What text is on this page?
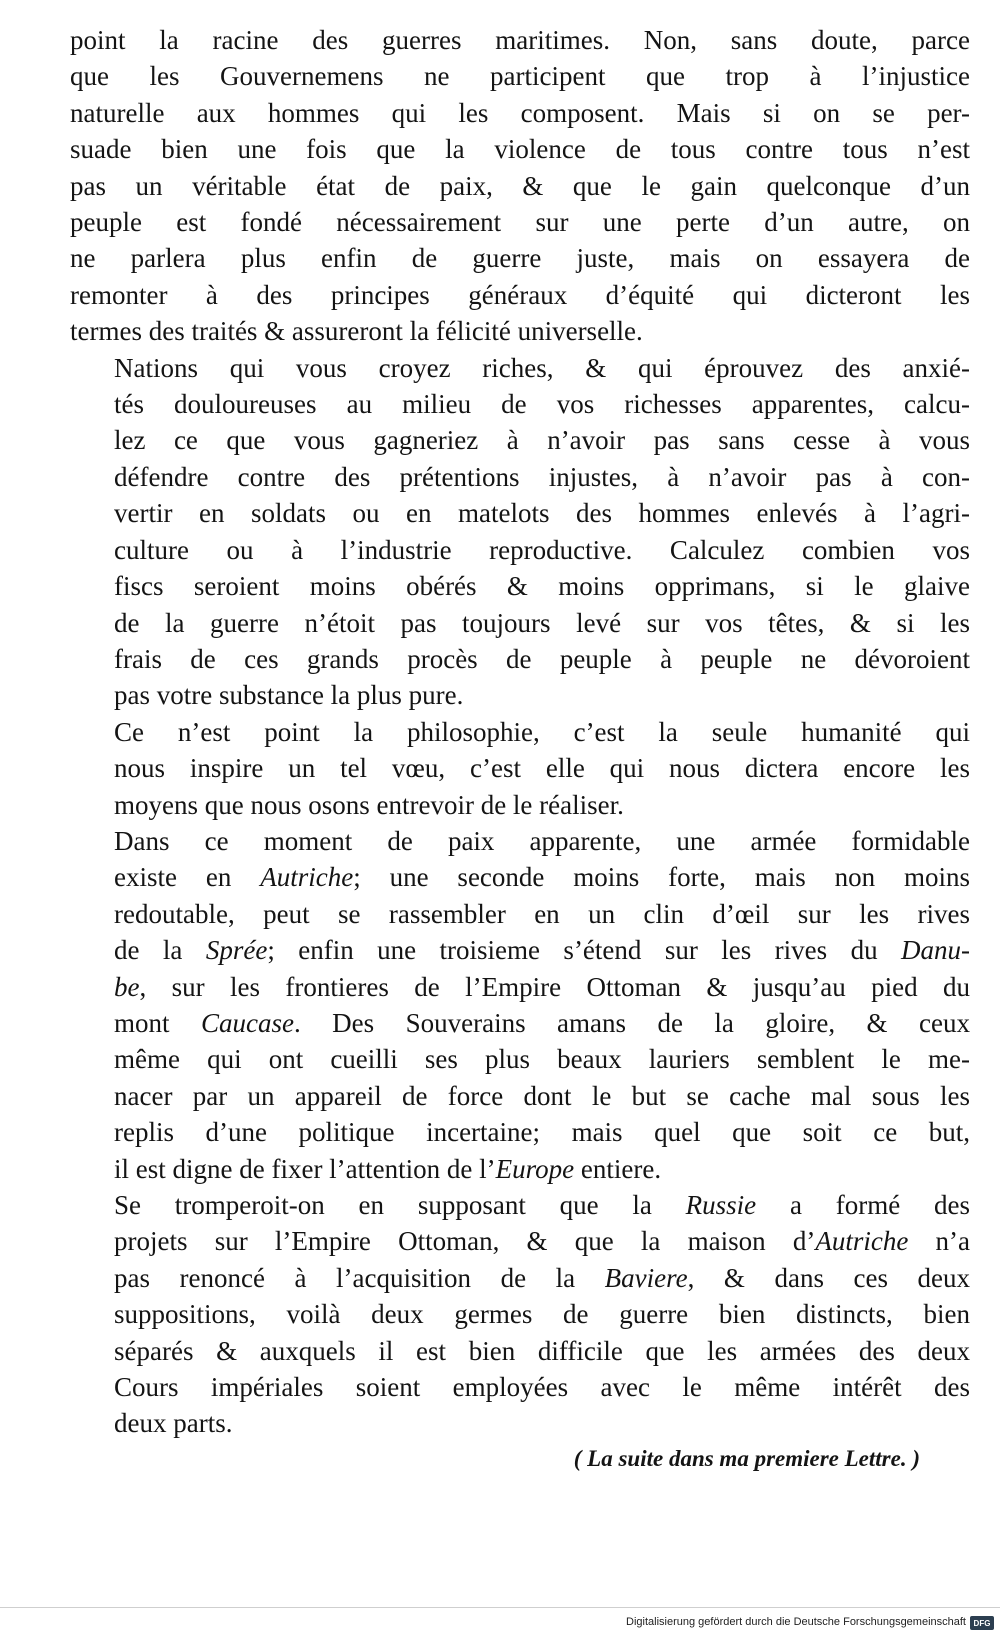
point la racine des guerres maritimes. Non, sans doute, parce
que les Gouvernemens ne participent que trop à l’injustice
naturelle aux hommes qui les composent. Mais si on se per-
suade bien une fois que la violence de tous contre tous n’est
pas un véritable état de paix, & que le gain quelconque d’un
peuple est fondé nécessairement sur une perte d’un autre, on
ne parlera plus enfin de guerre juste, mais on essayera de
remonter à des principes généraux d’équité qui dicteront les
termes des traités & assureront la félicité universelle.
Nations qui vous croyez riches, & qui éprouvez des anxié-
tés douloureuses au milieu de vos richesses apparentes, calcu-
lez ce que vous gagneriez à n’avoir pas sans cesse à vous
défendre contre des prétentions injustes, à n’avoir pas à con-
vertir en soldats ou en matelots des hommes enlevés à l’agri-
culture ou à l’industrie reproductive. Calculez combien vos
fiscs seroient moins obérés & moins opprimans, si le glaive
de la guerre n’étoit pas toujours levé sur vos têtes, & si les
frais de ces grands procès de peuple à peuple ne dévoroient
pas votre substance la plus pure.
Ce n’est point la philosophie, c’est la seule humanité qui
nous inspire un tel vœu, c’est elle qui nous dictera encore les
moyens que nous osons entrevoir de le réaliser.
Dans ce moment de paix apparente, une armée formidable
existe en Autriche; une seconde moins forte, mais non moins
redoutable, peut se rassembler en un clin d’œil sur les rives
de la Sprée; enfin une troisieme s’étend sur les rives du Danu-
be, sur les frontieres de l’Empire Ottoman & jusqu’au pied du
mont Caucase. Des Souverains amans de la gloire, & ceux
même qui ont cueilli ses plus beaux lauriers semblent le me-
nacer par un appareil de force dont le but se cache mal sous les
replis d’une politique incertaine; mais quel que soit ce but,
il est digne de fixer l’attention de l’Europe entiere.
Se tromperoit-on en supposant que la Russie a formé des
projets sur l’Empire Ottoman, & que la maison d’Autriche n’a
pas renoncé à l’acquisition de la Baviere, & dans ces deux
suppositions, voilà deux germes de guerre bien distincts, bien
séparés & auxquels il est bien difficile que les armées des deux
Cours impériales soient employées avec le même intérêt des
deux parts.
( La suite dans ma premiere Lettre. )
Digitalisierung gefördert durch die Deutsche Forschungsgemeinschaft DFG
